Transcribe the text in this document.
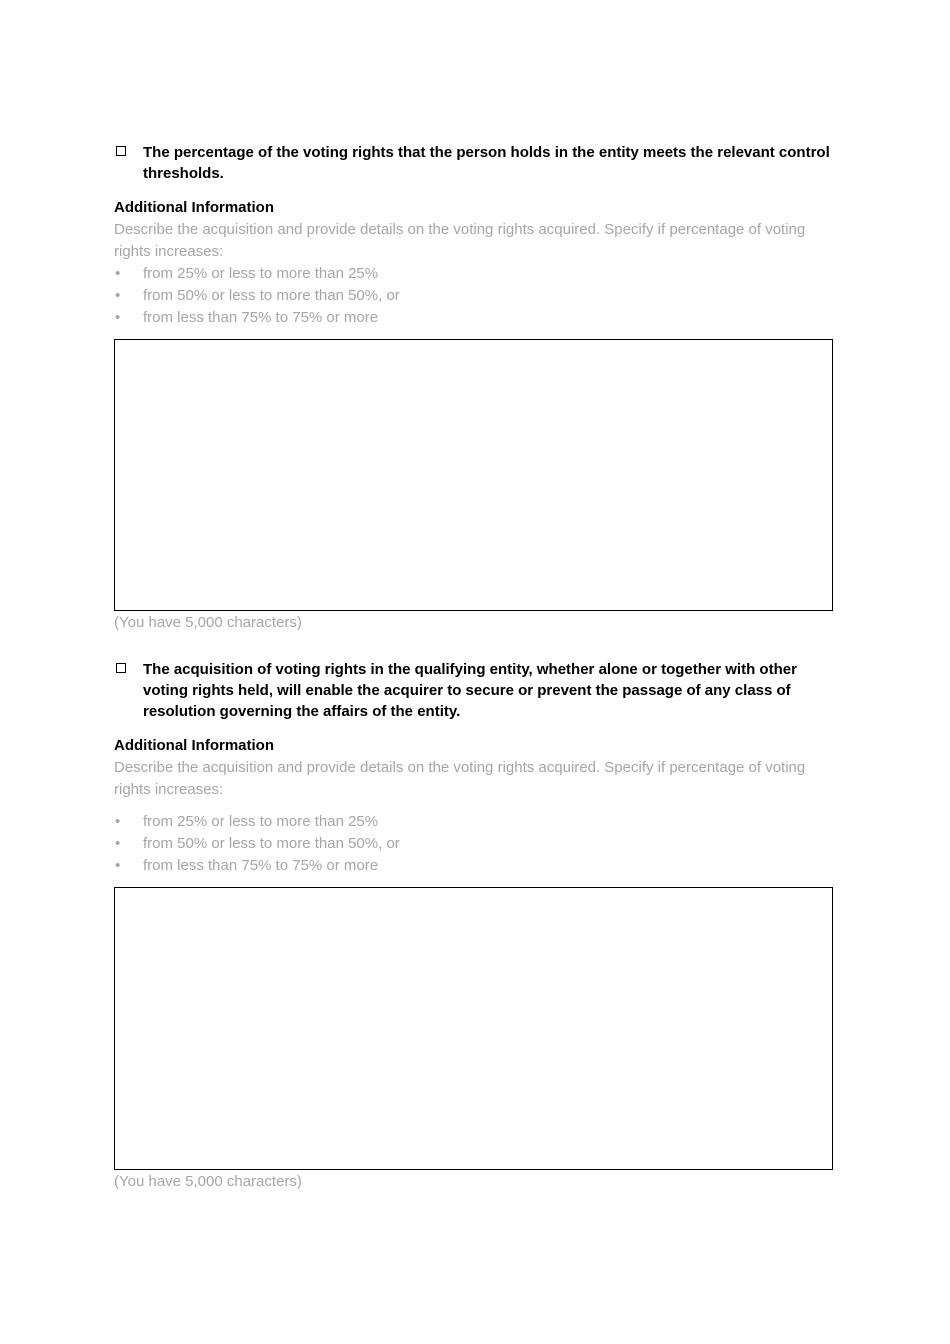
The percentage of the voting rights that the person holds in the entity meets the relevant control thresholds.
Additional Information
Describe the acquisition and provide details on the voting rights acquired. Specify if percentage of voting rights increases:
•	from 25% or less to more than 25%
•	from 50% or less to more than 50%, or
•	from less than 75% to 75% or more
(You have 5,000 characters)
The acquisition of voting rights in the qualifying entity, whether alone or together with other voting rights held, will enable the acquirer to secure or prevent the passage of any class of resolution governing the affairs of the entity.
Additional Information
Describe the acquisition and provide details on the voting rights acquired. Specify if percentage of voting rights increases:
•	from 25% or less to more than 25%
•	from 50% or less to more than 50%, or
•	from less than 75% to 75% or more
(You have 5,000 characters)
